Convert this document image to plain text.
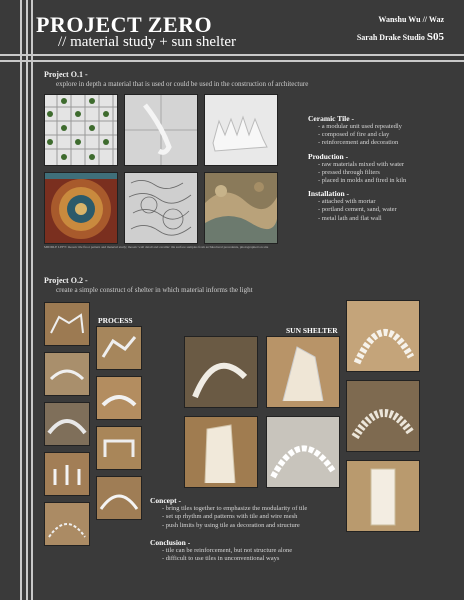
PROJECT ZERO
// material study + sun shelter
Wanshu Wu // Waz
Sarah Drake Studio S05
Project O.1 -
explore in depth a material that is used or could be used in the construction of architecture
MIDDLE LEFT: mosaic tile floor pattern and material study; mosaic wall detail and ceramic tile surface samples from architectural precedents, photographed on site
Ceramic Tile -
- a modular unit used repeatedly
- composed of fire and clay
- reinforcement and decoration
Production -
- raw materials mixed with water
- pressed through filters
- placed in molds and fired in kiln
Installation -
- attached with mortar
- portland cement, sand, water
- metal lath and flat wall
Project O.2 -
create a simple construct of shelter in which material informs the light
PROCESS
SUN SHELTER
Concept -
- bring tiles together to emphasize the modularity of tile
- set up rhythm and patterns with tile and wire mesh
- push limits by using tile as decoration and structure
Conclusion -
- tile can be reinforcement, but not structure alone
- difficult to use tiles in unconventional ways
